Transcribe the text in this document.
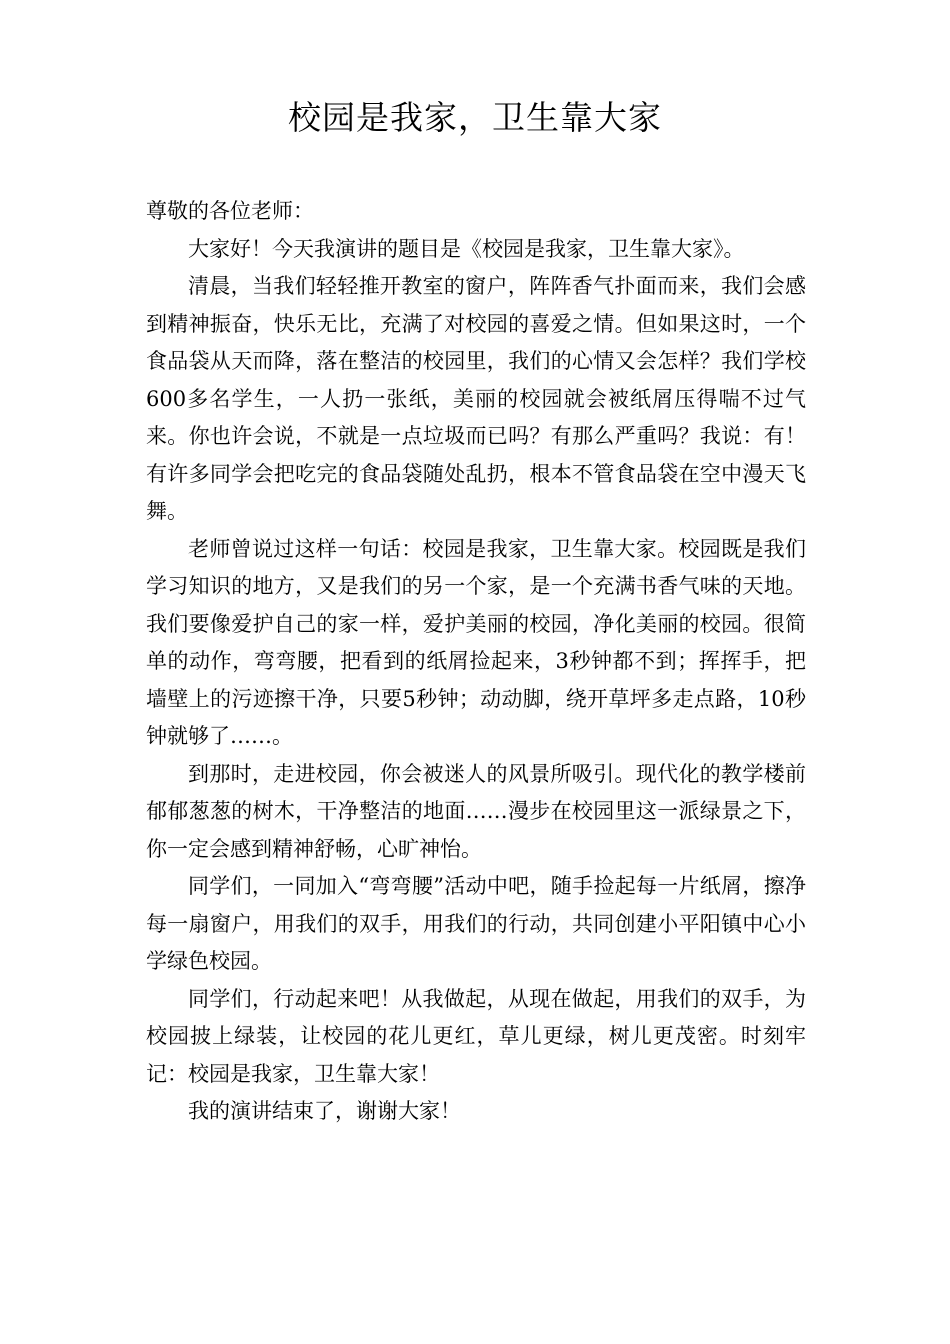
校园是我家，卫生靠大家

尊敬的各位老师：

大家好！今天我演讲的题目是《校园是我家，卫生靠大家》。

清晨，当我们轻轻推开教室的窗户，阵阵香气扑面而来，我们会感到精神振奋，快乐无比，充满了对校园的喜爱之情。但如果这时，一个食品袋从天而降，落在整洁的校园里，我们的心情又会怎样？我们学校600多名学生，一人扔一张纸，美丽的校园就会被纸屑压得喘不过气来。你也许会说，不就是一点垃圾而已吗？有那么严重吗？我说：有！有许多同学会把吃完的食品袋随处乱扔，根本不管食品袋在空中漫天飞舞。

老师曾说过这样一句话：校园是我家，卫生靠大家。校园既是我们学习知识的地方，又是我们的另一个家，是一个充满书香气味的天地。我们要像爱护自己的家一样，爱护美丽的校园，净化美丽的校园。很简单的动作，弯弯腰，把看到的纸屑捡起来，3秒钟都不到；挥挥手，把墙壁上的污迹擦干净，只要5秒钟；动动脚，绕开草坪多走点路，10秒钟就够了……。

到那时，走进校园，你会被迷人的风景所吸引。现代化的教学楼前郁郁葱葱的树木，干净整洁的地面……漫步在校园里这一派绿景之下，你一定会感到精神舒畅，心旷神怡。

同学们，一同加入“弯弯腰”活动中吧，随手捡起每一片纸屑，擦净每一扇窗户，用我们的双手，用我们的行动，共同创建小平阳镇中心小学绿色校园。

同学们，行动起来吧！从我做起，从现在做起，用我们的双手，为校园披上绿装，让校园的花儿更红，草儿更绿，树儿更茂密。时刻牢记：校园是我家，卫生靠大家！

我的演讲结束了，谢谢大家！
